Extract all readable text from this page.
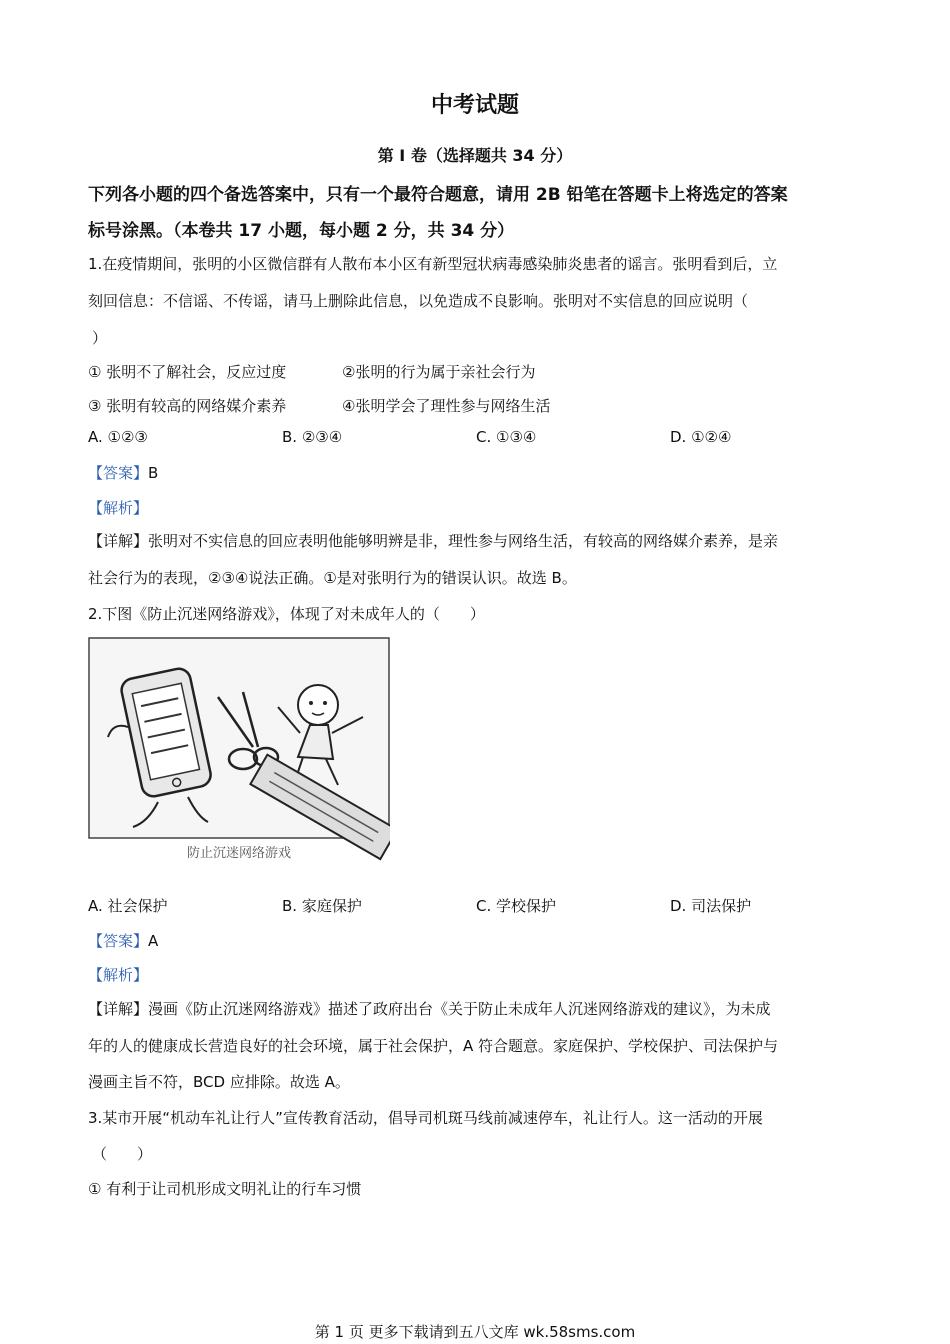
中考试题
第 I 卷（选择题共 34 分）
下列各小题的四个备选答案中，只有一个最符合题意，请用 2B 铅笔在答题卡上将选定的答案
标号涂黑。（本卷共 17 小题，每小题 2 分，共 34 分）
1.在疫情期间，张明的小区微信群有人散布本小区有新型冠状病毒感染肺炎患者的谣言。张明看到后，立
刻回信息：不信谣、不传谣，请马上删除此信息，以免造成不良影响。张明对不实信息的回应说明（
）
① 张明不了解社会，反应过度	②张明的行为属于亲社会行为
③ 张明有较高的网络媒介素养	④张明学会了理性参与网络生活
A. ①②③	B. ②③④	C. ①③④	D. ①②④
【答案】B
【解析】
【详解】张明对不实信息的回应表明他能够明辨是非，理性参与网络生活，有较高的网络媒介素养，是亲
社会行为的表现，②③④说法正确。①是对张明行为的错误认识。故选 B。
2.下图《防止沉迷网络游戏》，体现了对未成年人的（　　）
防止沉迷网络游戏
A. 社会保护	B. 家庭保护	C. 学校保护	D. 司法保护
【答案】A
【解析】
【详解】漫画《防止沉迷网络游戏》描述了政府出台《关于防止未成年人沉迷网络游戏的建议》，为未成
年的人的健康成长营造良好的社会环境，属于社会保护，A 符合题意。家庭保护、学校保护、司法保护与
漫画主旨不符，BCD 应排除。故选 A。
3.某市开展“机动车礼让行人”宣传教育活动，倡导司机斑马线前减速停车，礼让行人。这一活动的开展
（　　）
① 有利于让司机形成文明礼让的行车习惯
第 1 页 更多下载请到五八文库 wk.58sms.com
